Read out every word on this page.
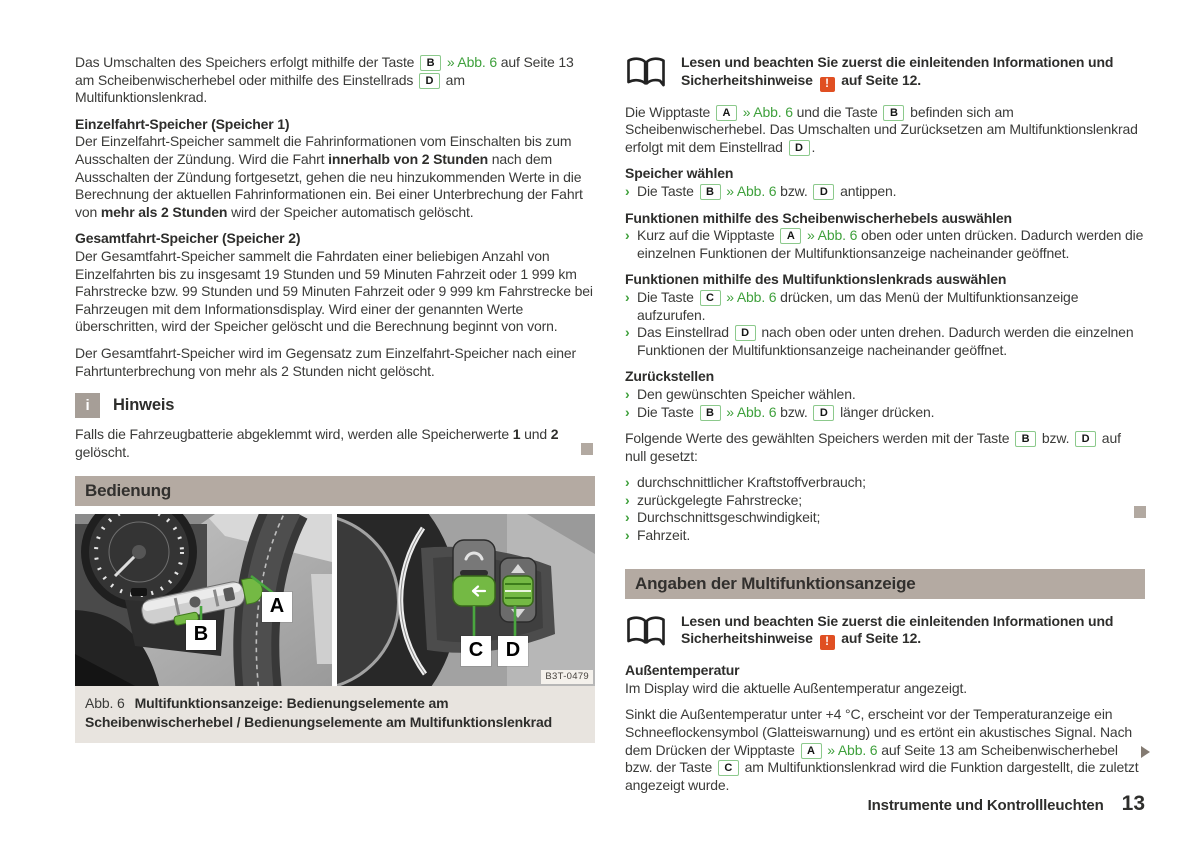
Das Umschalten des Speichers erfolgt mithilfe der Taste B » Abb. 6 auf Seite 13 am Scheibenwischerhebel oder mithilfe des Einstellrads D am Multifunktionslenkrad.

Einzelfahrt-Speicher (Speicher 1)

Der Einzelfahrt-Speicher sammelt die Fahrinformationen vom Einschalten bis zum Ausschalten der Zündung. Wird die Fahrt innerhalb von 2 Stunden nach dem Ausschalten der Zündung fortgesetzt, gehen die neu hinzukommenden Werte in die Berechnung der aktuellen Fahrinformationen ein. Bei einer Unterbrechung der Fahrt von mehr als 2 Stunden wird der Speicher automatisch gelöscht.

Gesamtfahrt-Speicher (Speicher 2)

Der Gesamtfahrt-Speicher sammelt die Fahrdaten einer beliebigen Anzahl von Einzelfahrten bis zu insgesamt 19 Stunden und 59 Minuten Fahrzeit oder 1 999 km Fahrstrecke bzw. 99 Stunden und 59 Minuten Fahrzeit oder 9 999 km Fahrstrecke bei Fahrzeugen mit dem Informationsdisplay. Wird einer der genannten Werte überschritten, wird der Speicher gelöscht und die Berechnung beginnt von vorn.

Der Gesamtfahrt-Speicher wird im Gegensatz zum Einzelfahrt-Speicher nach einer Fahrtunterbrechung von mehr als 2 Stunden nicht gelöscht.

i	Hinweis

Falls die Fahrzeugbatterie abgeklemmt wird, werden alle Speicherwerte 1 und 2 gelöscht.

Bedienung
A
B
C	D
B3T-0479
Abb. 6 Multifunktionsanzeige: Bedienungselemente am Scheibenwischerhebel / Bedienungselemente am Multifunktionslenkrad

Lesen und beachten Sie zuerst die einleitenden Informationen und Sicherheitshinweise ! auf Seite 12.

Die Wipptaste A » Abb. 6 und die Taste B befinden sich am Scheibenwischerhebel. Das Umschalten und Zurücksetzen am Multifunktionslenkrad erfolgt mit dem Einstellrad D .

Speicher wählen
› Die Taste B » Abb. 6 bzw. D antippen.
Funktionen mithilfe des Scheibenwischerhebels auswählen
› Kurz auf die Wipptaste A » Abb. 6 oben oder unten drücken. Dadurch werden die einzelnen Funktionen der Multifunktionsanzeige nacheinander geöffnet.
Funktionen mithilfe des Multifunktionslenkrads auswählen
› Die Taste C » Abb. 6 drücken, um das Menü der Multifunktionsanzeige aufzurufen.
› Das Einstellrad D nach oben oder unten drehen. Dadurch werden die einzelnen Funktionen der Multifunktionsanzeige nacheinander geöffnet.
Zurückstellen
› Den gewünschten Speicher wählen.
› Die Taste B » Abb. 6 bzw. D länger drücken.

Folgende Werte des gewählten Speichers werden mit der Taste B bzw. D auf null gesetzt:

› durchschnittlicher Kraftstoffverbrauch;
› zurückgelegte Fahrstrecke;
› Durchschnittsgeschwindigkeit;
› Fahrzeit.
Angaben der Multifunktionsanzeige

Lesen und beachten Sie zuerst die einleitenden Informationen und Sicherheitshinweise ! auf Seite 12.

Außentemperatur

Im Display wird die aktuelle Außentemperatur angezeigt.

Sinkt die Außentemperatur unter +4 °C, erscheint vor der Temperaturanzeige ein Schneeflockensymbol (Glatteiswarnung) und es ertönt ein akustisches Signal. Nach dem Drücken der Wipptaste A » Abb. 6 auf Seite 13 am Scheibenwischerhebel bzw. der Taste C am Multifunktionslenkrad wird die Funktion dargestellt, die zuletzt angezeigt wurde.

Instrumente und Kontrollleuchten 13
